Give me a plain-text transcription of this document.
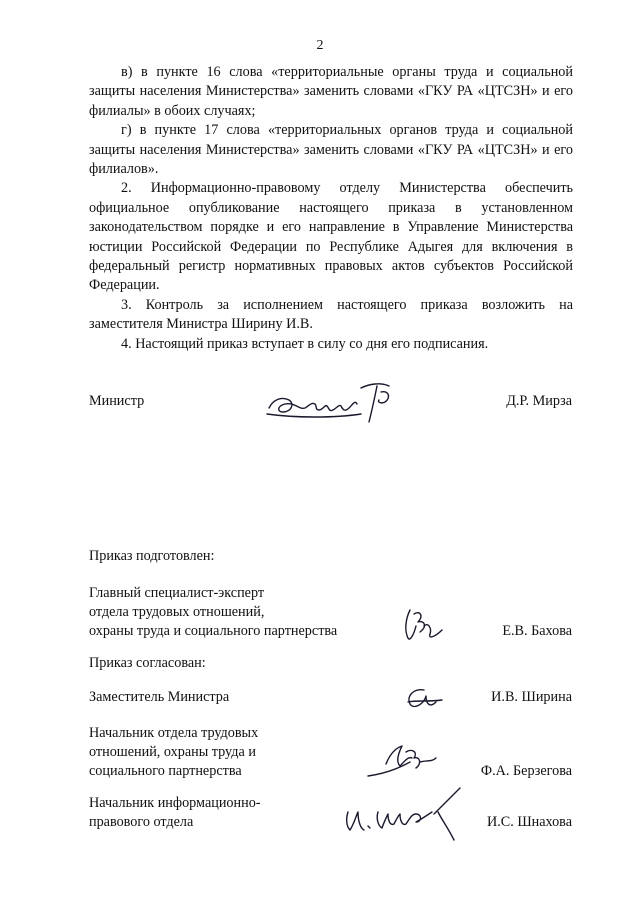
2

в) в пункте 16 слова «территориальные органы труда и социальной защиты населения Министерства» заменить словами «ГКУ РА «ЦТСЗН» и его филиалы» в обоих случаях;

г) в пункте 17 слова «территориальных органов труда и социальной защиты населения Министерства» заменить словами «ГКУ РА «ЦТСЗН» и его филиалов».

2. Информационно-правовому отделу Министерства обеспечить официальное опубликование настоящего приказа в установленном законодательством порядке и его направление в Управление Министерства юстиции Российской Федерации по Республике Адыгея для включения в федеральный регистр нормативных правовых актов субъектов Российской Федерации.

3. Контроль за исполнением настоящего приказа возложить на заместителя Министра Ширину И.В.

4. Настоящий приказ вступает в силу со дня его подписания.

Министр	Д.Р. Мирза
Приказ подготовлен:
Главный специалист-эксперт
отдела трудовых отношений,
охраны труда и социального партнерства	Е.В. Бахова
Приказ согласован:
Заместитель Министра	И.В. Ширина
Начальник отдела трудовых
отношений, охраны труда и
социального партнерства	Ф.А. Берзегова
Начальник информационно-
правового отдела	И.С. Шнахова
